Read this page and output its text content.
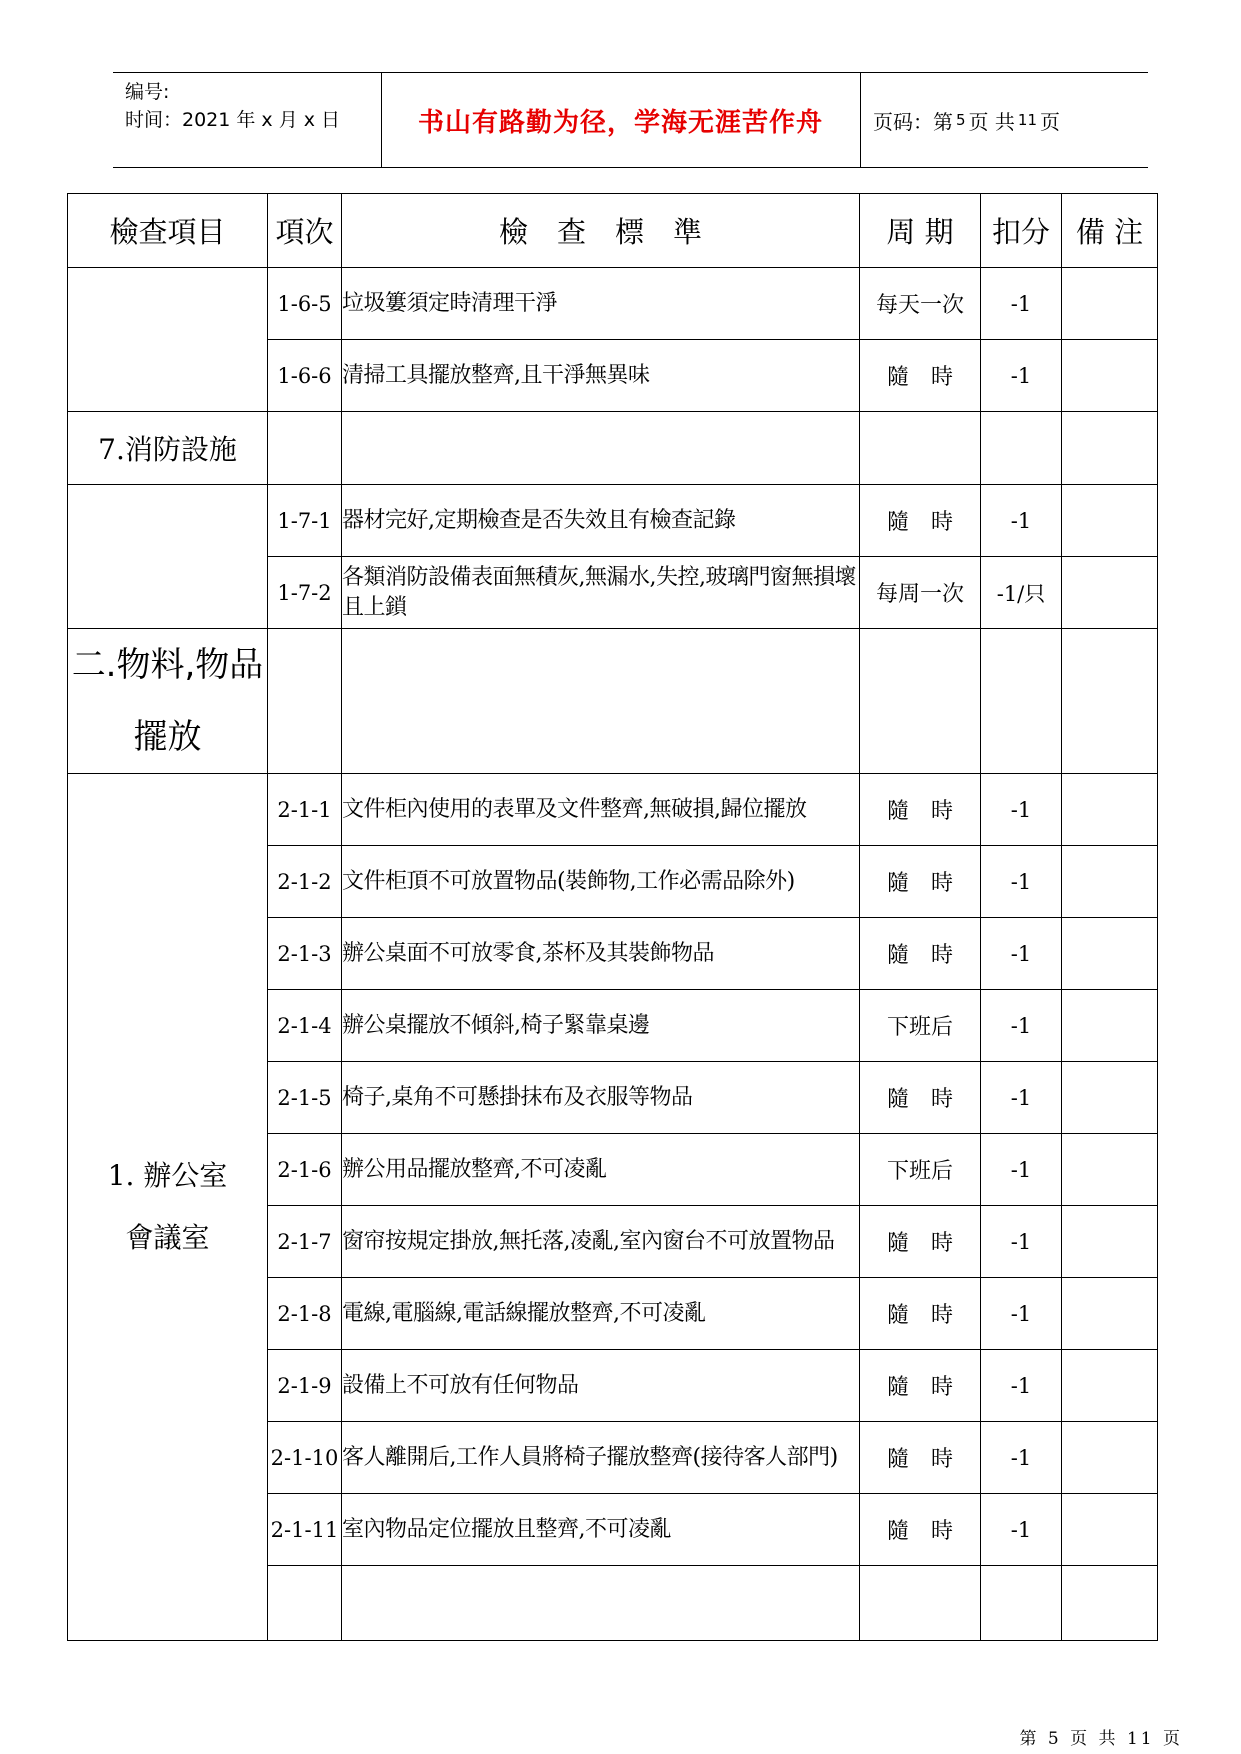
编号:
时间：2021 年 x 月 x 日	书山有路勤为径，学海无涯苦作舟	页码：第 5 页 共 11 页
檢查項目	項次	檢　查　標　準	周 期	扣分	備 注
	1-6-5	垃圾簍須定時清理干淨	每天一次	-1	
	1-6-6	清掃工具擺放整齊,且干淨無異味	隨　時	-1	
7.消防設施					
	1-7-1	器材完好,定期檢查是否失效且有檢查記錄	隨　時	-1	
	1-7-2	各類消防設備表面無積灰,無漏水,失控,玻璃門窗無損壞且上鎖	每周一次	-1/只	

二.物料,物品
擺放					

1. 辦公室
會議室	2-1-1	文件柜內使用的表單及文件整齊,無破損,歸位擺放	隨　時	-1	
	2-1-2	文件柜頂不可放置物品(裝飾物,工作必需品除外)	隨　時	-1	
	2-1-3	辦公桌面不可放零食,茶杯及其裝飾物品	隨　時	-1	
	2-1-4	辦公桌擺放不傾斜,椅子緊靠桌邊	下班后	-1	
	2-1-5	椅子,桌角不可懸掛抹布及衣服等物品	隨　時	-1	
	2-1-6	辦公用品擺放整齊,不可凌亂	下班后	-1	
	2-1-7	窗帘按規定掛放,無托落,凌亂,室內窗台不可放置物品	隨　時	-1	
	2-1-8	電線,電腦線,電話線擺放整齊,不可凌亂	隨　時	-1	
	2-1-9	設備上不可放有任何物品	隨　時	-1	
	2-1-10	客人離開后,工作人員將椅子擺放整齊(接待客人部門)	隨　時	-1	
	2-1-11	室內物品定位擺放且整齊,不可凌亂	隨　時	-1	

第 5 页 共 11 页
